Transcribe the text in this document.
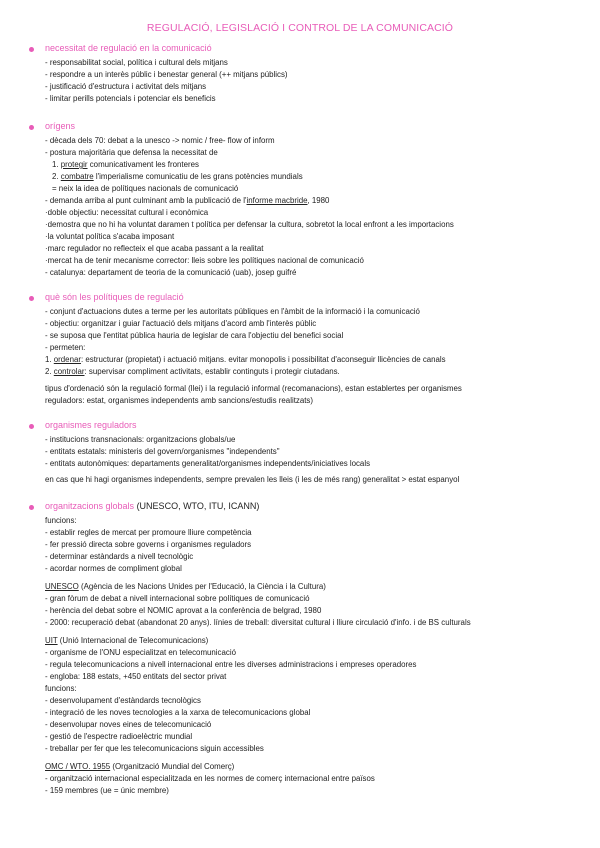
REGULACIÓ, LEGISLACIÓ I CONTROL DE LA COMUNICACIÓ
necessitat de regulació en la comunicació
- responsabilitat social, política i cultural dels mitjans
- respondre a un interès públic i benestar general (++ mitjans públics)
- justificació d'estructura i activitat dels mitjans
- limitar perills potencials i potenciar els beneficis
orígens
- dècada dels 70: debat a la unesco -> nomic / free- flow of inform
- postura majoritària que defensa la necessitat de
1. protegir comunicativament les fronteres
2. combatre l'imperialisme comunicatiu de les grans potències mundials
= neix la idea de polítiques nacionals de comunicació
- demanda arriba al punt culminant amb la publicació de l'informe macbride, 1980
·doble objectiu: necessitat cultural i econòmica
·demostra que no hi ha voluntat daramen t política per defensar la cultura, sobretot la local enfront a les importacions
·la voluntat política s'acaba imposant
·marc regulador no reflecteix el que acaba passant a la realitat
·mercat ha de tenir mecanisme corrector: lleis sobre les polítiques nacional de comunicació
- catalunya: departament de teoria de la comunicació (uab), josep guifré
què són les polítiques de regulació
- conjunt d'actuacions dutes a terme per les autoritats públiques en l'àmbit de la informació i la comunicació
- objectiu: organitzar i guiar l'actuació dels mitjans d'acord amb l'interès públic
- se suposa que l'entitat pública hauria de legislar de cara l'objectiu del benefici social
- permeten:
1. ordenar: estructurar (propietat) i actuació mitjans. evitar monopolis i possibilitat d'aconseguir llicències de canals
2. controlar: supervisar compliment activitats, establir continguts i protegir ciutadans.
tipus d'ordenació són la regulació formal (llei) i la regulació informal (recomanacions), estan establertes per organismes
reguladors: estat, organismes independents amb sancions/estudis realitzats)
organismes reguladors
- institucions transnacionals: organitzacions globals/ue
- entitats estatals: ministeris del govern/organismes "independents"
- entitats autonòmiques: departaments generalitat/organismes independents/iniciatives locals
en cas que hi hagi organismes independents, sempre prevalen les lleis (i les de més rang) generalitat > estat espanyol
organitzacions globals (UNESCO, WTO, ITU, ICANN)
funcions:
- establir regles de mercat per promoure lliure competència
- fer pressió directa sobre governs i organismes reguladors
- determinar estàndards a nivell tecnològic
- acordar normes de compliment global
UNESCO (Agència de les Nacions Unides per l'Educació, la Ciència i la Cultura)
- gran fòrum de debat a nivell internacional sobre polítiques de comunicació
- herència del debat sobre el NOMIC aprovat a la conferència de belgrad, 1980
- 2000: recuperació debat (abandonat 20 anys). línies de treball: diversitat cultural i lliure circulació d'info. i de BS culturals
UIT (Unió Internacional de Telecomunicacions)
- organisme de l'ONU especialitzat en telecomunicació
- regula telecomunicacions a nivell internacional entre les diverses administracions i empreses operadores
- engloba: 188 estats, +450 entitats del sector privat
funcions:
- desenvolupament d'estàndards tecnològics
- integració de les noves tecnologies a la xarxa de telecomunicacions global
- desenvolupar noves eines de telecomunicació
- gestió de l'espectre radioelèctric mundial
- treballar per fer que les telecomunicacions siguin accessibles
OMC / WTO. 1955 (Organització Mundial del Comerç)
- organització internacional especialitzada en les normes de comerç internacional entre països
- 159 membres (ue = únic membre)
